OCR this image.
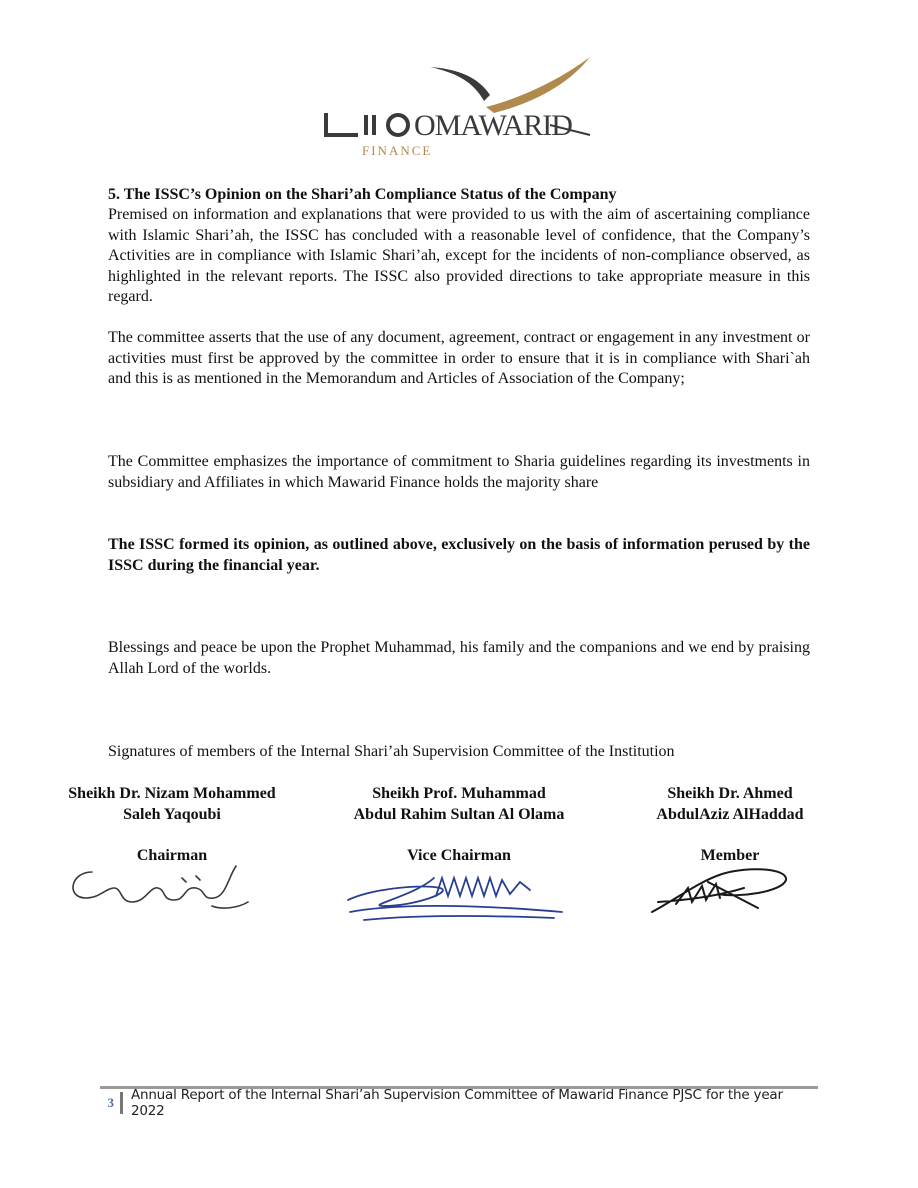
OMAWARID
FINANCE
5. The ISSC’s Opinion on the Shari’ah Compliance Status of the Company

Premised on information and explanations that were provided to us with the aim of ascertaining compliance with Islamic Shari’ah, the ISSC has concluded with a reasonable level of confidence, that the Company’s Activities are in compliance with Islamic Shari’ah, except for the incidents of non-compliance observed, as highlighted in the relevant reports. The ISSC also provided directions to take appropriate measure in this regard.

The committee asserts that the use of any document, agreement, contract or engagement in any investment or activities must first be approved by the committee in order to ensure that it is in compliance with Shari`ah and this is as mentioned in the Memorandum and Articles of Association of the Company;

The Committee emphasizes the importance of commitment to Sharia guidelines regarding its investments in subsidiary and Affiliates in which Mawarid Finance holds the majority share

The ISSC formed its opinion, as outlined above, exclusively on the basis of information perused by the ISSC during the financial year.

Blessings and peace be upon the Prophet Muhammad, his family and the companions and we end by praising Allah Lord of the worlds.

Signatures of members of the Internal Shari’ah Supervision Committee of the Institution

Sheikh Dr. Nizam Mohammed
Saleh Yaqoubi
Chairman
Sheikh Prof. Muhammad
Abdul Rahim Sultan Al Olama
Vice Chairman
Sheikh Dr. Ahmed
AbdulAziz AlHaddad
Member
3 Annual Report of the Internal Shari’ah Supervision Committee of Mawarid Finance PJSC for the year 2022
